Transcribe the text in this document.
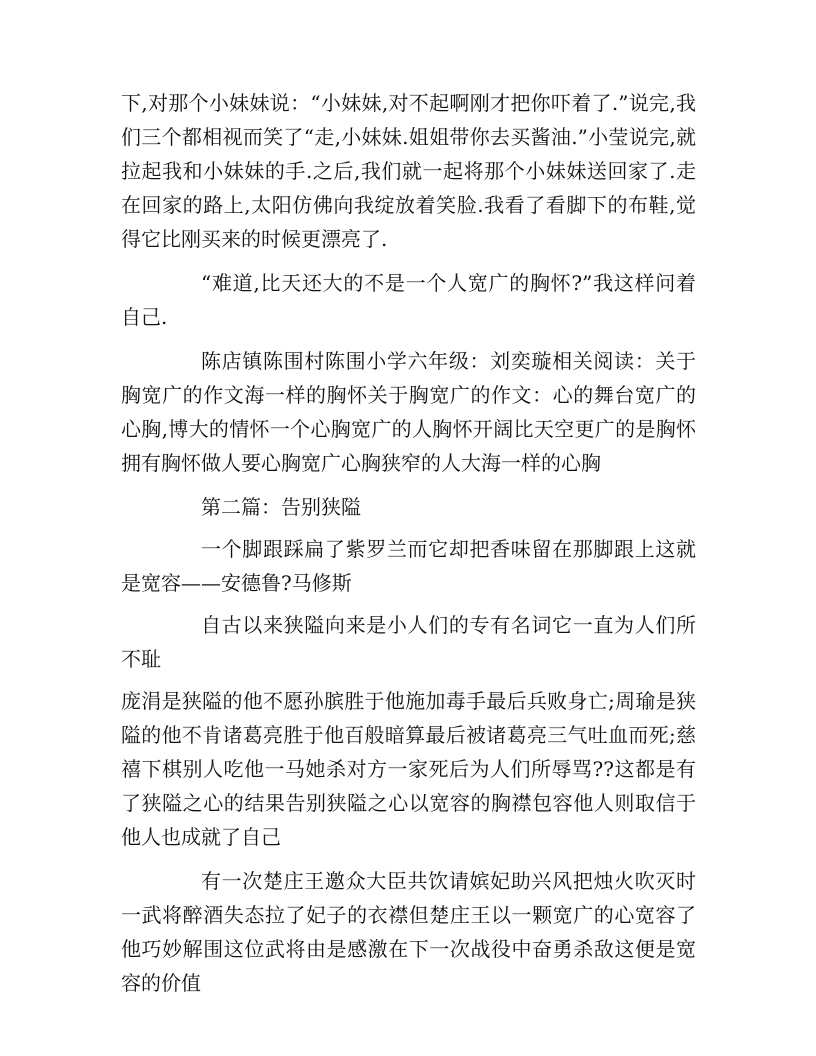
下,对那个小妹妹说：“小妹妹,对不起啊刚才把你吓着了.”说完,我们三个都相视而笑了“走,小妹妹.姐姐带你去买酱油.”小莹说完,就拉起我和小妹妹的手.之后,我们就一起将那个小妹妹送回家了.走在回家的路上,太阳仿佛向我绽放着笑脸.我看了看脚下的布鞋,觉得它比刚买来的时候更漂亮了.

“难道,比天还大的不是一个人宽广的胸怀?”我这样问着自己.

陈店镇陈围村陈围小学六年级：刘奕璇相关阅读：关于胸宽广的作文海一样的胸怀关于胸宽广的作文：心的舞台宽广的心胸,博大的情怀一个心胸宽广的人胸怀开阔比天空更广的是胸怀拥有胸怀做人要心胸宽广心胸狭窄的人大海一样的心胸

第二篇：告别狭隘

一个脚跟踩扁了紫罗兰而它却把香味留在那脚跟上这就是宽容——安德鲁?马修斯

自古以来狭隘向来是小人们的专有名词它一直为人们所不耻

庞涓是狭隘的他不愿孙膑胜于他施加毒手最后兵败身亡;周瑜是狭隘的他不肯诸葛亮胜于他百般暗算最后被诸葛亮三气吐血而死;慈禧下棋别人吃他一马她杀对方一家死后为人们所辱骂??这都是有了狭隘之心的结果告别狭隘之心以宽容的胸襟包容他人则取信于他人也成就了自己

有一次楚庄王邀众大臣共饮请嫔妃助兴风把烛火吹灭时一武将醉酒失态拉了妃子的衣襟但楚庄王以一颗宽广的心宽容了他巧妙解围这位武将由是感激在下一次战役中奋勇杀敌这便是宽容的价值
